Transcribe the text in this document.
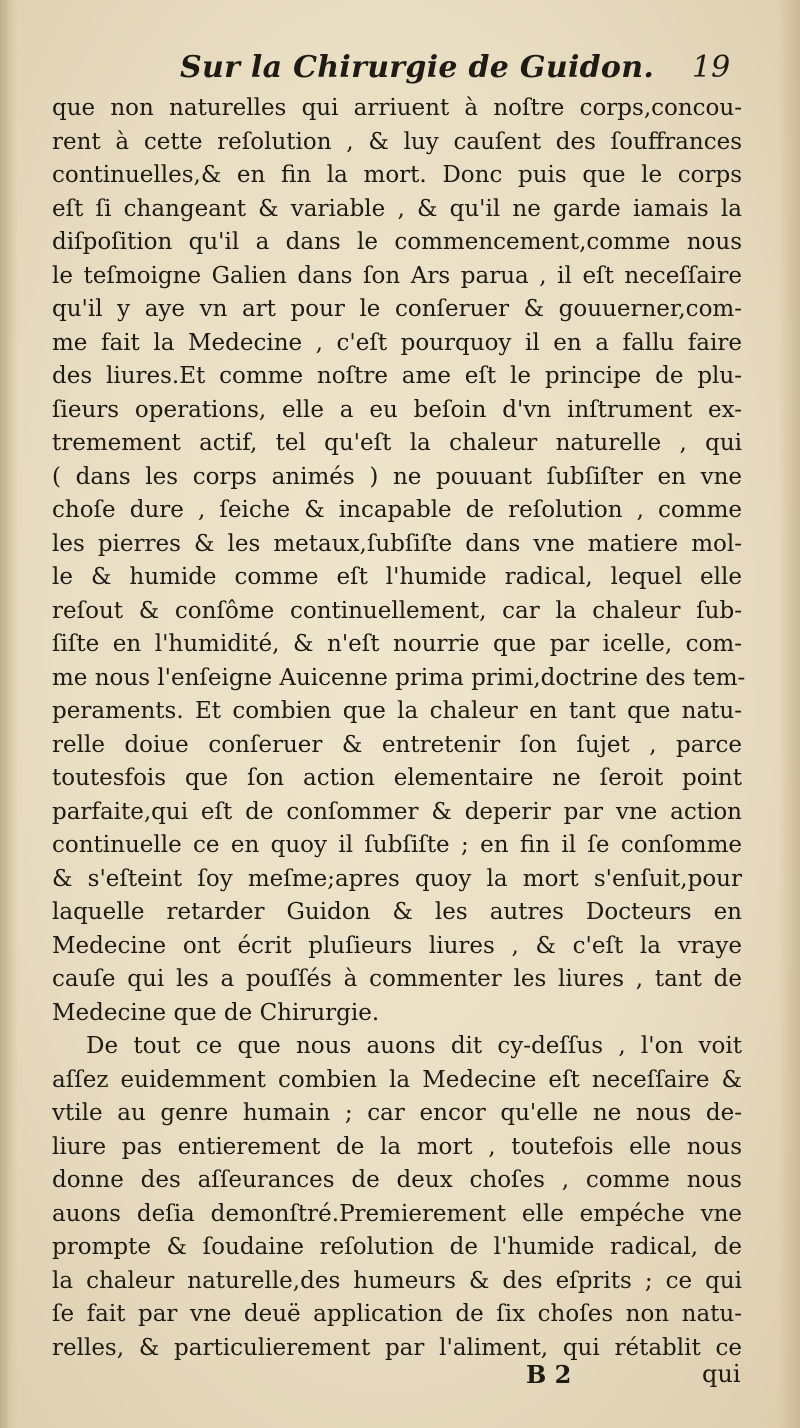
Sur la Chirurgie de Guidon. 19
que non naturelles qui arriuent à noſtre corps,concou-
rent à cette reſolution , & luy cauſent des ſouffrances
continuelles,& en fin la mort. Donc puis que le corps
eſt ſi changeant & variable , & qu'il ne garde iamais la
diſpoſition qu'il a dans le commencement,comme nous
le teſmoigne Galien dans ſon Ars parua , il eſt neceſſaire
qu'il y aye vn art pour le conſeruer & gouuerner,com-
me fait la Medecine , c'eſt pourquoy il en a fallu faire
des liures.Et comme noſtre ame eſt le principe de plu-
ſieurs operations, elle a eu beſoin d'vn inſtrument ex-
tremement actif, tel qu'eſt la chaleur naturelle , qui
( dans les corps animés ) ne pouuant ſubſiſter en vne
choſe dure , ſeiche & incapable de reſolution , comme
les pierres & les metaux,ſubſiſte dans vne matiere mol-
le & humide comme eſt l'humide radical, lequel elle
reſout & conſôme continuellement, car la chaleur ſub-
ſiſte en l'humidité, & n'eſt nourrie que par icelle, com-
me nous l'enſeigne Auicenne prima primi,doctrine des tem-
peraments. Et combien que la chaleur en tant que natu-
relle doiue conſeruer & entretenir ſon ſujet , parce
toutesfois que ſon action elementaire ne ſeroit point
parfaite,qui eſt de conſommer & deperir par vne action
continuelle ce en quoy il ſubſiſte ; en fin il ſe conſomme
& s'eſteint ſoy meſme;apres quoy la mort s'enſuit,pour
laquelle retarder Guidon & les autres Docteurs en
Medecine ont écrit pluſieurs liures , & c'eſt la vraye
cauſe qui les a pouſſés à commenter les liures , tant de
Medecine que de Chirurgie.
De tout ce que nous auons dit cy-deſſus , l'on voit
aſſez euidemment combien la Medecine eſt neceſſaire &
vtile au genre humain ; car encor qu'elle ne nous de-
liure pas entierement de la mort , toutefois elle nous
donne des aſſeurances de deux choſes , comme nous
auons deſia demonſtré.Premierement elle empéche vne
prompte & ſoudaine reſolution de l'humide radical, de
la chaleur naturelle,des humeurs & des eſprits ; ce qui
ſe fait par vne deuë application de ſix choſes non natu-
relles, & particulierement par l'aliment, qui rétablit ce
B 2	qui
